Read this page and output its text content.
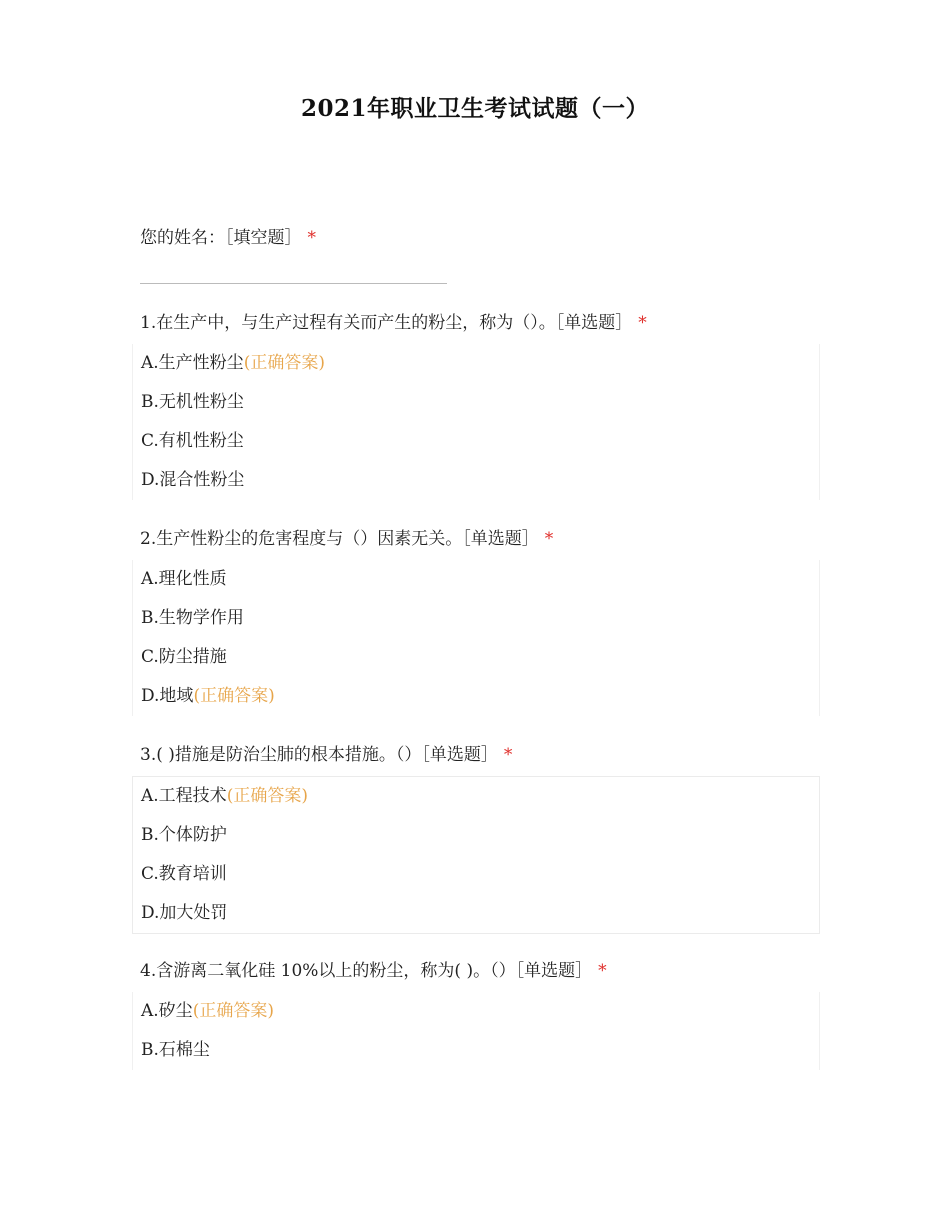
2021年职业卫生考试试题（一）
您的姓名：［填空题］ *
1.在生产中，与生产过程有关而产生的粉尘，称为（）。［单选题］ *
A.生产性粉尘(正确答案)
B.无机性粉尘
C.有机性粉尘
D.混合性粉尘
2.生产性粉尘的危害程度与（）因素无关。［单选题］ *
A.理化性质
B.生物学作用
C.防尘措施
D.地域(正确答案)
3.( )措施是防治尘肺的根本措施。（）［单选题］ *
A.工程技术(正确答案)
B.个体防护
C.教育培训
D.加大处罚
4.含游离二氧化硅 10%以上的粉尘，称为( )。（）［单选题］ *
A.矽尘(正确答案)
B.石棉尘
